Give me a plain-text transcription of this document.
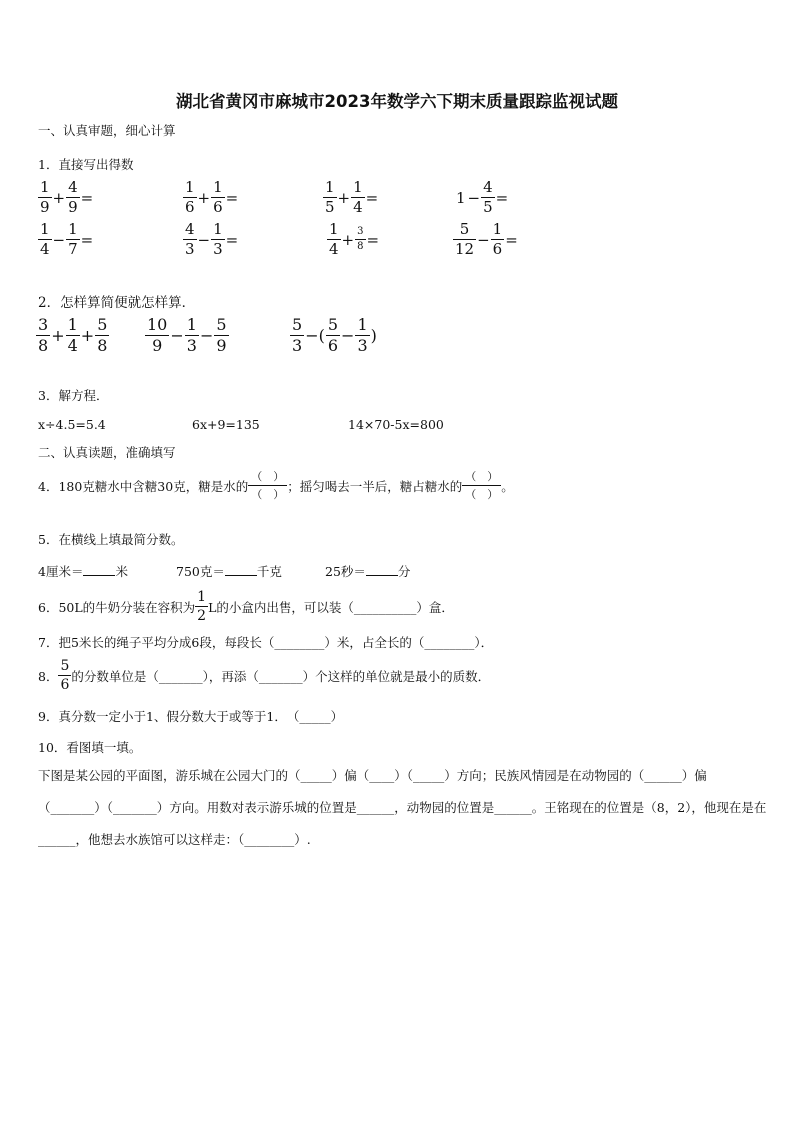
湖北省黄冈市麻城市2023年数学六下期末质量跟踪监视试题
一、认真审题，细心计算
1．直接写出得数
$\frac{1}{9} + \frac{4}{9}$ =	$\frac{1}{6} + \frac{1}{6}$ =	$\frac{1}{5} + \frac{1}{4}$ =	$1 - \frac{4}{5}$ =
$\frac{1}{4} - \frac{1}{7}$ =	$\frac{4}{3} - \frac{1}{3}$ =	$\frac{1}{4} + \frac{3}{8}$ =	$\frac{5}{12} - \frac{1}{6}$ =
2．怎样算简便就怎样算．
$\frac{3}{8} + \frac{1}{4} + \frac{5}{8} \frac{10}{9} - \frac{1}{3} - \frac{5}{9}$	$\frac{5}{3}$ −( $\frac{5}{6} - \frac{1}{3}$ )
3．解方程．
x÷4.5=5.4	6x+9=135	14×70-5x=800
二、认真读题，准确填写
4．180克糖水中含糖30克，糖是水的 $\frac{( )}{( )}$ ；摇匀喝去一半后，糖占糖水的 $\frac{( )}{( )}$ 。
5．在横线上填最简分数。
4厘米＝	米	750克＝	千克	25秒＝	分
6．50L的牛奶分装在容积为 $\frac{1}{2}$ L的小盒内出售，可以装（__________）盒．
7．把5米长的绳子平均分成6段，每段长（________）米，占全长的（________）．
8． $\frac{5}{6}$ 的分数单位是（_______），再添（_______）个这样的单位就是最小的质数．
9．真分数一定小于1、假分数大于或等于1．　（_____）
10．看图填一填。
下图是某公园的平面图，游乐城在公园大门的（_____）偏（____）（_____）方向；民族风情园是在动物园的（______）偏（_______）（_______）方向。用数对表示游乐城的位置是______，动物园的位置是______。王铭现在的位置是（8，2），他现在是在______，他想去水族馆可以这样走：（________）.
